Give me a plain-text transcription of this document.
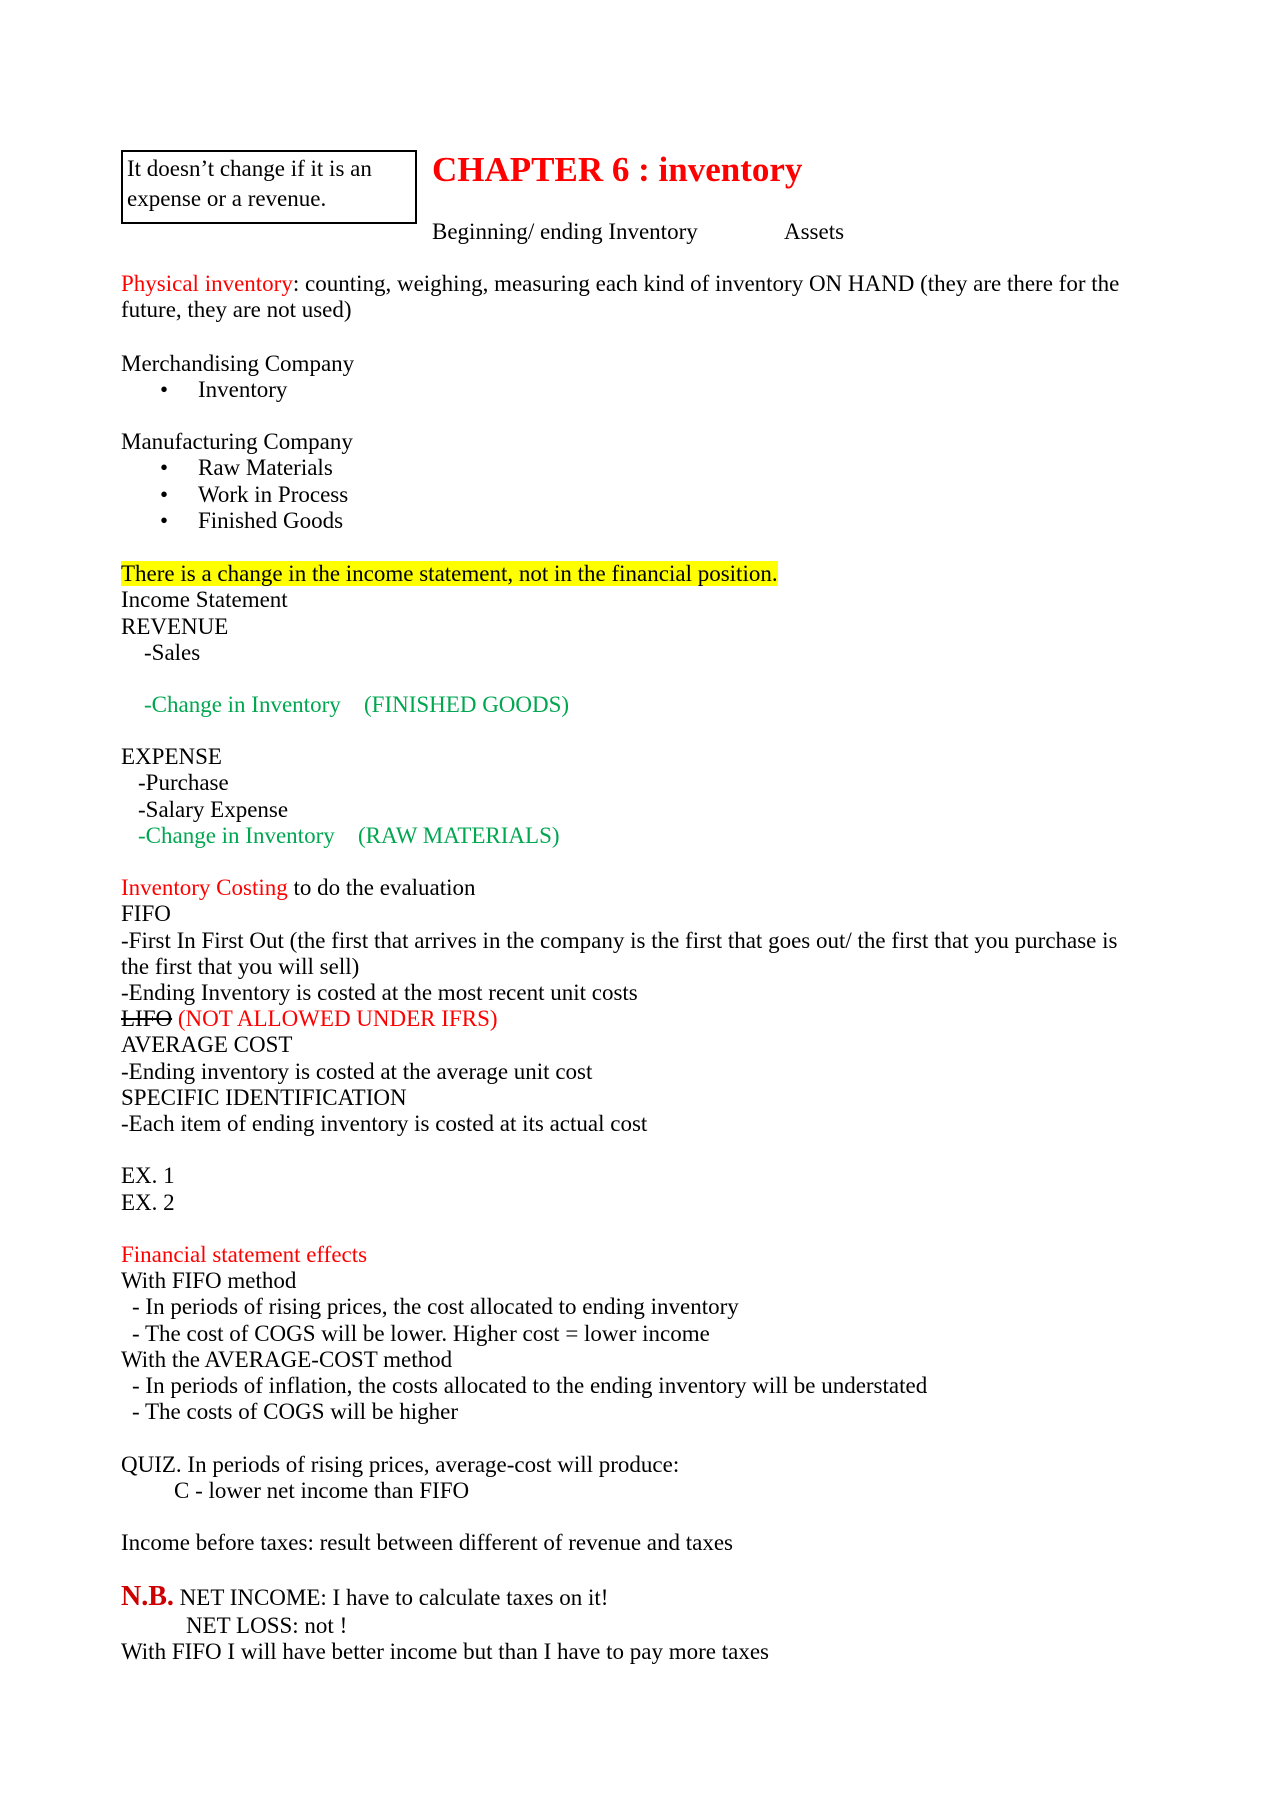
It doesn’t change if it is an expense or a revenue.
CHAPTER 6 : inventory
Beginning/ ending Inventory	Assets
Physical inventory: counting, weighing, measuring each kind of inventory ON HAND (they are there for the
future, they are not used)
Merchandising Company
• Inventory
Manufacturing Company
• Raw Materials
• Work in Process
• Finished Goods
There is a change in the income statement, not in the financial position.
Income Statement
REVENUE
-Sales
-Change in Inventory (FINISHED GOODS)
EXPENSE
-Purchase
-Salary Expense
-Change in Inventory (RAW MATERIALS)
Inventory Costing to do the evaluation
FIFO
-First In First Out (the first that arrives in the company is the first that goes out/ the first that you purchase is
the first that you will sell)
-Ending Inventory is costed at the most recent unit costs
LIFO (NOT ALLOWED UNDER IFRS)
AVERAGE COST
-Ending inventory is costed at the average unit cost
SPECIFIC IDENTIFICATION
-Each item of ending inventory is costed at its actual cost
EX. 1
EX. 2
Financial statement effects
With FIFO method
- In periods of rising prices, the cost allocated to ending inventory
- The cost of COGS will be lower. Higher cost = lower income
With the AVERAGE-COST method
- In periods of inflation, the costs allocated to the ending inventory will be understated
- The costs of COGS will be higher
QUIZ. In periods of rising prices, average-cost will produce:
C - lower net income than FIFO
Income before taxes: result between different of revenue and taxes
N.B. NET INCOME: I have to calculate taxes on it!
NET LOSS: not !
With FIFO I will have better income but than I have to pay more taxes
